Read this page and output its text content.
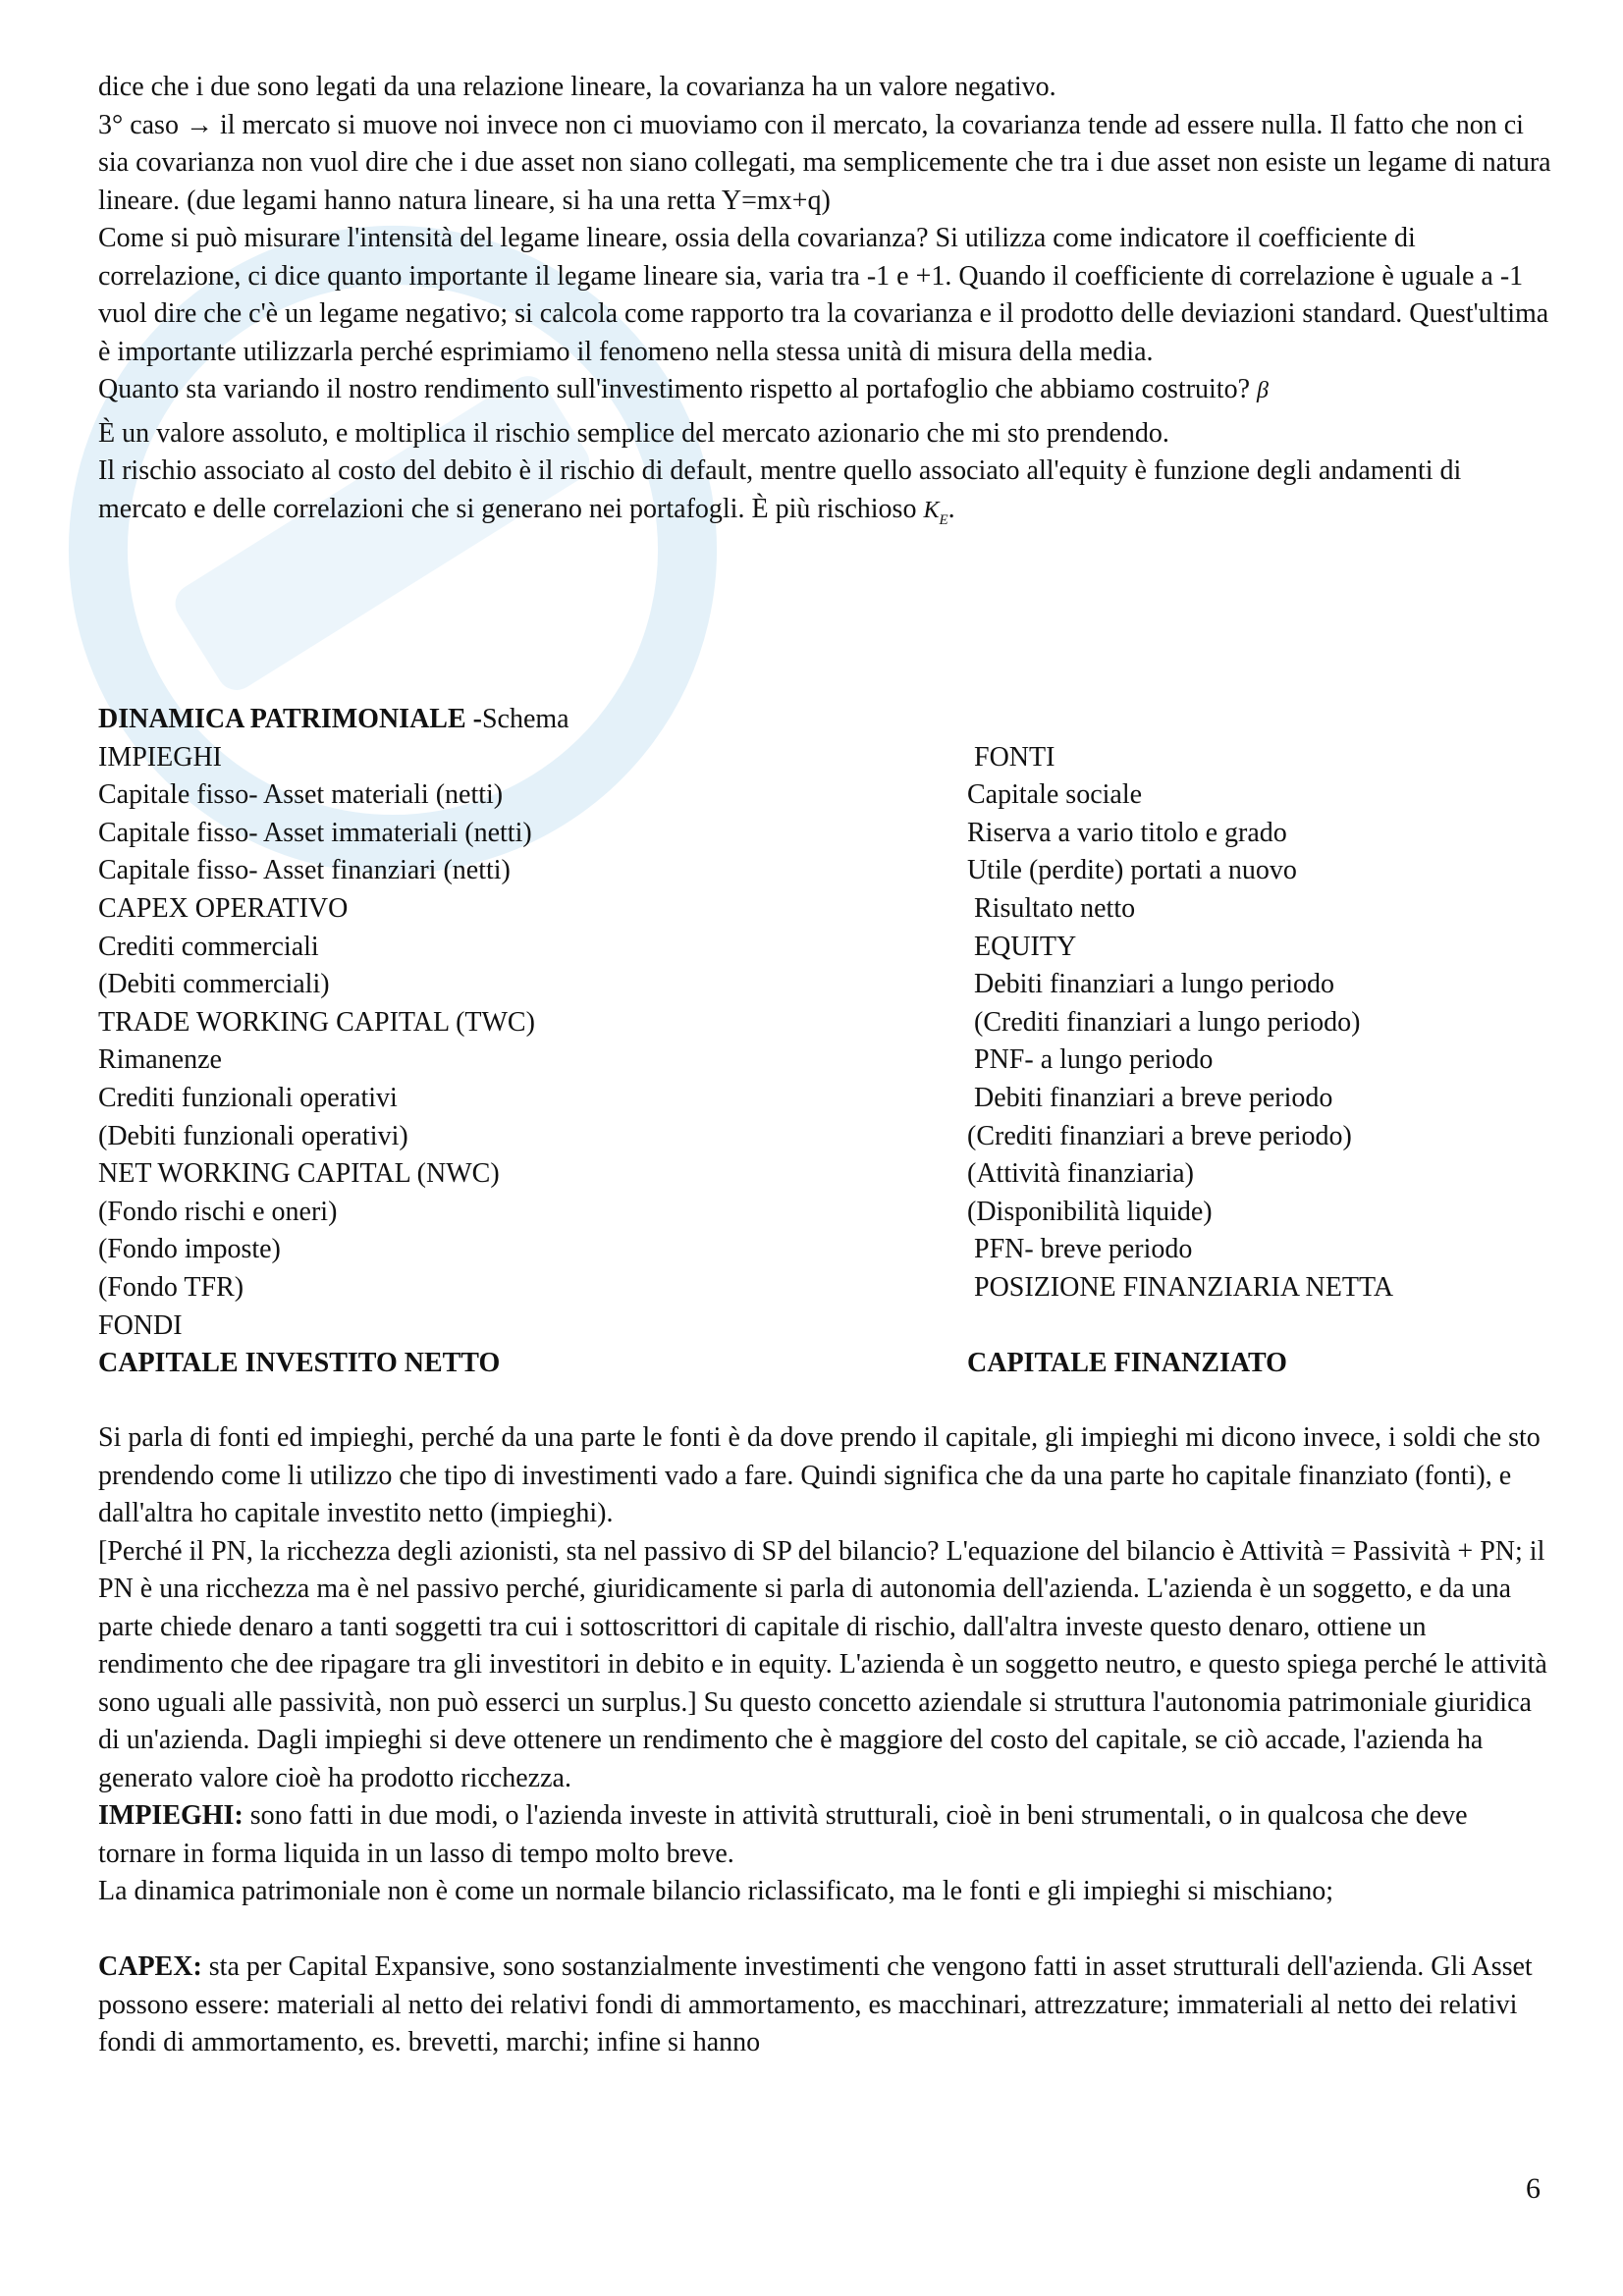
dice che i due sono legati da una relazione lineare, la covarianza ha un valore negativo.

3° caso → il mercato si muove noi invece non ci muoviamo con il mercato, la covarianza tende ad essere nulla. Il fatto che non ci sia covarianza non vuol dire che i due asset non siano collegati, ma semplicemente che tra i due asset non esiste un legame di natura lineare. (due legami hanno natura lineare, si ha una retta Y=mx+q)

Come si può misurare l'intensità del legame lineare, ossia della covarianza? Si utilizza come indicatore il coefficiente di correlazione, ci dice quanto importante il legame lineare sia, varia tra -1 e +1. Quando il coefficiente di correlazione è uguale a -1 vuol dire che c'è un legame negativo; si calcola come rapporto tra la covarianza e il prodotto delle deviazioni standard. Quest'ultima è importante utilizzarla perché esprimiamo il fenomeno nella stessa unità di misura della media.

Quanto sta variando il nostro rendimento sull'investimento rispetto al portafoglio che abbiamo costruito? β

È un valore assoluto, e moltiplica il rischio semplice del mercato azionario che mi sto prendendo.

Il rischio associato al costo del debito è il rischio di default, mentre quello associato all'equity è funzione degli andamenti di mercato e delle correlazioni che si generano nei portafogli. È più rischioso $K_E$.

DINAMICA PATRIMONIALE -Schema
IMPIEGHI
Capitale fisso- Asset materiali (netti)
Capitale fisso- Asset immateriali (netti)
Capitale fisso- Asset finanziari (netti)
CAPEX OPERATIVO
Crediti commerciali
(Debiti commerciali)
TRADE WORKING CAPITAL (TWC)
Rimanenze
Crediti funzionali operativi
(Debiti funzionali operativi)
NET WORKING CAPITAL (NWC)
(Fondo rischi e oneri)
(Fondo imposte)
(Fondo TFR)
FONDI
CAPITALE INVESTITO NETTO
FONTI
Capitale sociale
Riserva a vario titolo e grado
Utile (perdite) portati a nuovo
Risultato netto
EQUITY
Debiti finanziari a lungo periodo
(Crediti finanziari a lungo periodo)
PNF- a lungo periodo
Debiti finanziari a breve periodo
(Crediti finanziari a breve periodo)
(Attività finanziaria)
(Disponibilità liquide)
PFN- breve periodo
POSIZIONE FINANZIARIA NETTA
CAPITALE FINANZIATO

Si parla di fonti ed impieghi, perché da una parte le fonti è da dove prendo il capitale, gli impieghi mi dicono invece, i soldi che sto prendendo come li utilizzo che tipo di investimenti vado a fare. Quindi significa che da una parte ho capitale finanziato (fonti), e dall'altra ho capitale investito netto (impieghi).

[Perché il PN, la ricchezza degli azionisti, sta nel passivo di SP del bilancio? L'equazione del bilancio è Attività = Passività + PN; il PN è una ricchezza ma è nel passivo perché, giuridicamente si parla di autonomia dell'azienda. L'azienda è un soggetto, e da una parte chiede denaro a tanti soggetti tra cui i sottoscrittori di capitale di rischio, dall'altra investe questo denaro, ottiene un rendimento che dee ripagare tra gli investitori in debito e in equity. L'azienda è un soggetto neutro, e questo spiega perché le attività sono uguali alle passività, non può esserci un surplus.] Su questo concetto aziendale si struttura l'autonomia patrimoniale giuridica di un'azienda. Dagli impieghi si deve ottenere un rendimento che è maggiore del costo del capitale, se ciò accade, l'azienda ha generato valore cioè ha prodotto ricchezza.

IMPIEGHI: sono fatti in due modi, o l'azienda investe in attività strutturali, cioè in beni strumentali, o in qualcosa che deve tornare in forma liquida in un lasso di tempo molto breve.

La dinamica patrimoniale non è come un normale bilancio riclassificato, ma le fonti e gli impieghi si mischiano;

CAPEX: sta per Capital Expansive, sono sostanzialmente investimenti che vengono fatti in asset strutturali dell'azienda. Gli Asset possono essere: materiali al netto dei relativi fondi di ammortamento, es macchinari, attrezzature; immateriali al netto dei relativi fondi di ammortamento, es. brevetti, marchi; infine si hanno

6
